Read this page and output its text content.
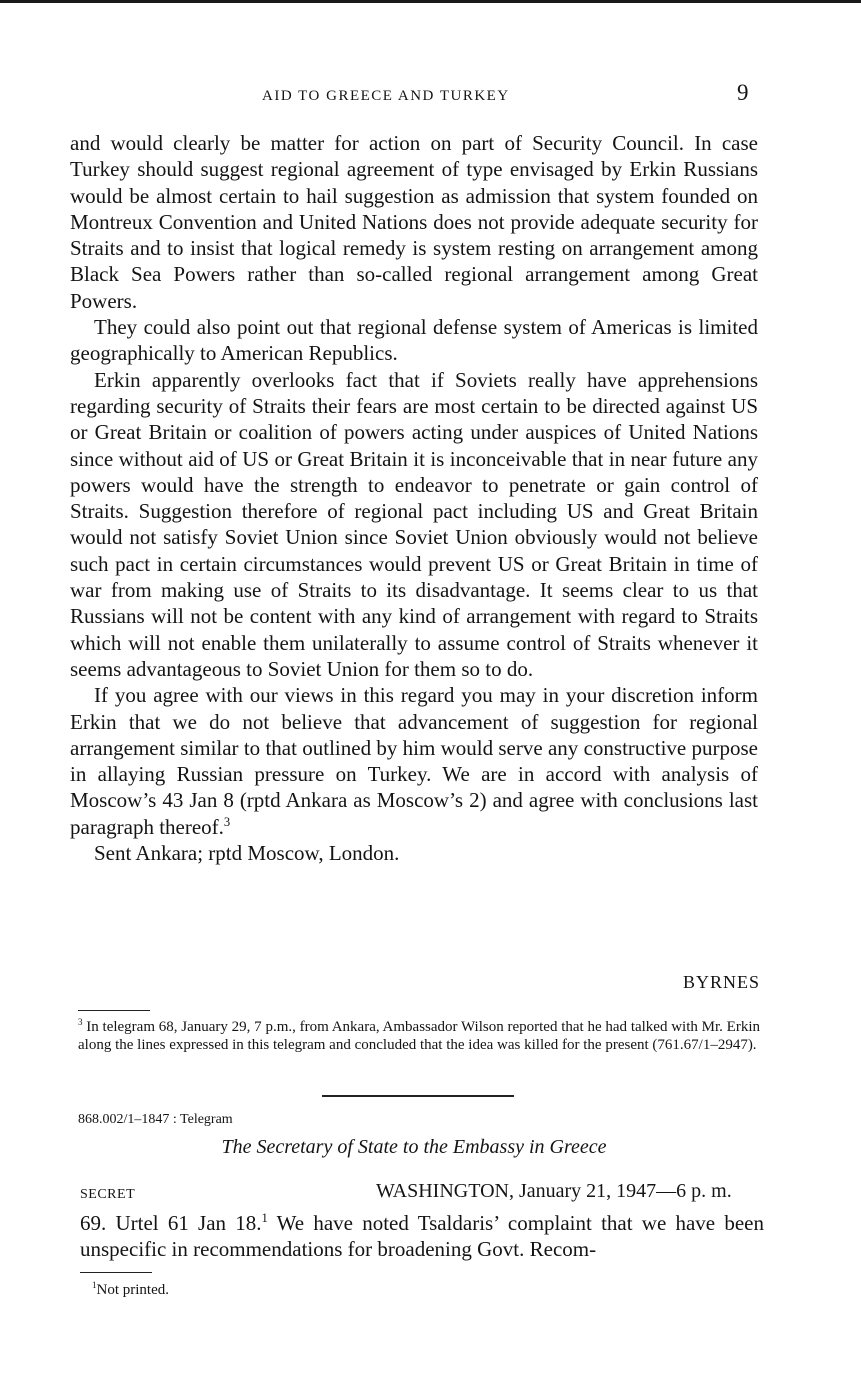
AID TO GREECE AND TURKEY	9

and would clearly be matter for action on part of Security Council. In case Turkey should suggest regional agreement of type envisaged by Erkin Russians would be almost certain to hail suggestion as admission that system founded on Montreux Convention and United Nations does not provide adequate security for Straits and to insist that logical remedy is system resting on arrangement among Black Sea Powers rather than so-called regional arrangement among Great Powers.

They could also point out that regional defense system of Americas is limited geographically to American Republics.

Erkin apparently overlooks fact that if Soviets really have apprehensions regarding security of Straits their fears are most certain to be directed against US or Great Britain or coalition of powers acting under auspices of United Nations since without aid of US or Great Britain it is inconceivable that in near future any powers would have the strength to endeavor to penetrate or gain control of Straits. Suggestion therefore of regional pact including US and Great Britain would not satisfy Soviet Union since Soviet Union obviously would not believe such pact in certain circumstances would prevent US or Great Britain in time of war from making use of Straits to its disadvantage. It seems clear to us that Russians will not be content with any kind of arrangement with regard to Straits which will not enable them unilaterally to assume control of Straits whenever it seems advantageous to Soviet Union for them so to do.

If you agree with our views in this regard you may in your discretion inform Erkin that we do not believe that advancement of suggestion for regional arrangement similar to that outlined by him would serve any constructive purpose in allaying Russian pressure on Turkey. We are in accord with analysis of Moscow’s 43 Jan 8 (rptd Ankara as Moscow’s 2) and agree with conclusions last paragraph thereof.$^3$

Sent Ankara; rptd Moscow, London.

BYRNES
$^3$ In telegram 68, January 29, 7 p.m., from Ankara, Ambassador Wilson reported that he had talked with Mr. Erkin along the lines expressed in this telegram and concluded that the idea was killed for the present (761.67/1–2947).
868.002/1–1847 : Telegram
The Secretary of State to the Embassy in Greece
SECRET	WASHINGTON, January 21, 1947—6 p. m.
69. Urtel 61 Jan 18.$^1$ We have noted Tsaldaris’ complaint that we have been unspecific in recommendations for broadening Govt. Recom-
$^1$Not printed.
